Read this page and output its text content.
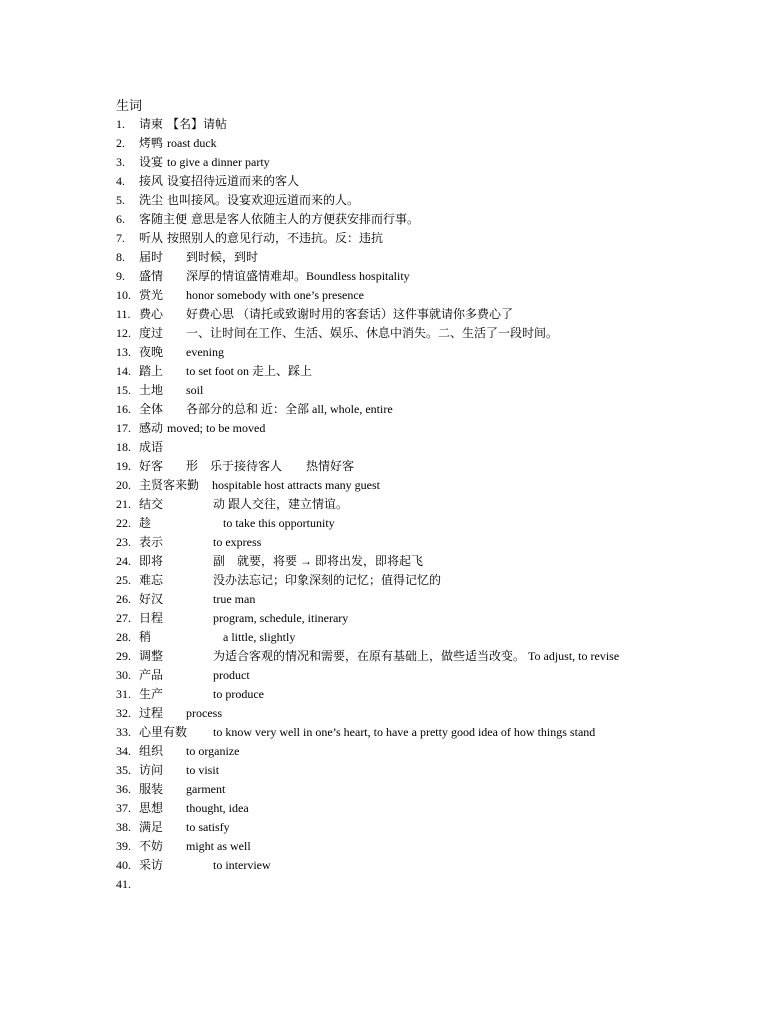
生词
1. 请柬 【名】请帖
2. 烤鸭 roast duck
3. 设宴 to give a dinner party
4. 接风 设宴招待远道而来的客人
5. 洗尘 也叫接风。设宴欢迎远道而来的人。
6. 客随主便 意思是客人依随主人的方便获安排而行事。
7. 听从 按照别人的意见行动，不违抗。反：违抗
8. 届时 到时候，到时
9. 盛情 深厚的情谊盛情难却。Boundless hospitality
10. 赏光 honor somebody with one’s presence
11. 费心 好费心思 （请托或致谢时用的客套话）这件事就请你多费心了
12. 度过 一、让时间在工作、生活、娱乐、休息中消失。二、生活了一段时间。
13. 夜晚 evening
14. 踏上 to set foot on 走上、踩上
15. 土地 soil
16. 全体 各部分的总和 近：全部 all, whole, entire
17. 感动 moved; to be moved
18. 成语
19. 好客 形　乐于接待客人　　热情好客
20. 主贤客来勤 hospitable host attracts many guest
21. 结交	动 跟人交往，建立情谊。
22. 趁	to take this opportunity
23. 表示	to express
24. 即将	副　就要，将要 → 即将出发，即将起飞
25. 难忘	没办法忘记；印象深刻的记忆；值得记忆的
26. 好汉	true man
27. 日程	program, schedule, itinerary
28. 稍	a little, slightly
29. 调整	为适合客观的情况和需要，在原有基础上，做些适当改变。 To adjust, to revise
30. 产品	product
31. 生产	to produce
32. 过程 process
33. 心里有数 to know very well in one’s heart, to have a pretty good idea of how things stand
34. 组织 to organize
35. 访问 to visit
36. 服装 garment
37. 思想 thought, idea
38. 满足 to satisfy
39. 不妨 might as well
40. 采访	to interview
41.
